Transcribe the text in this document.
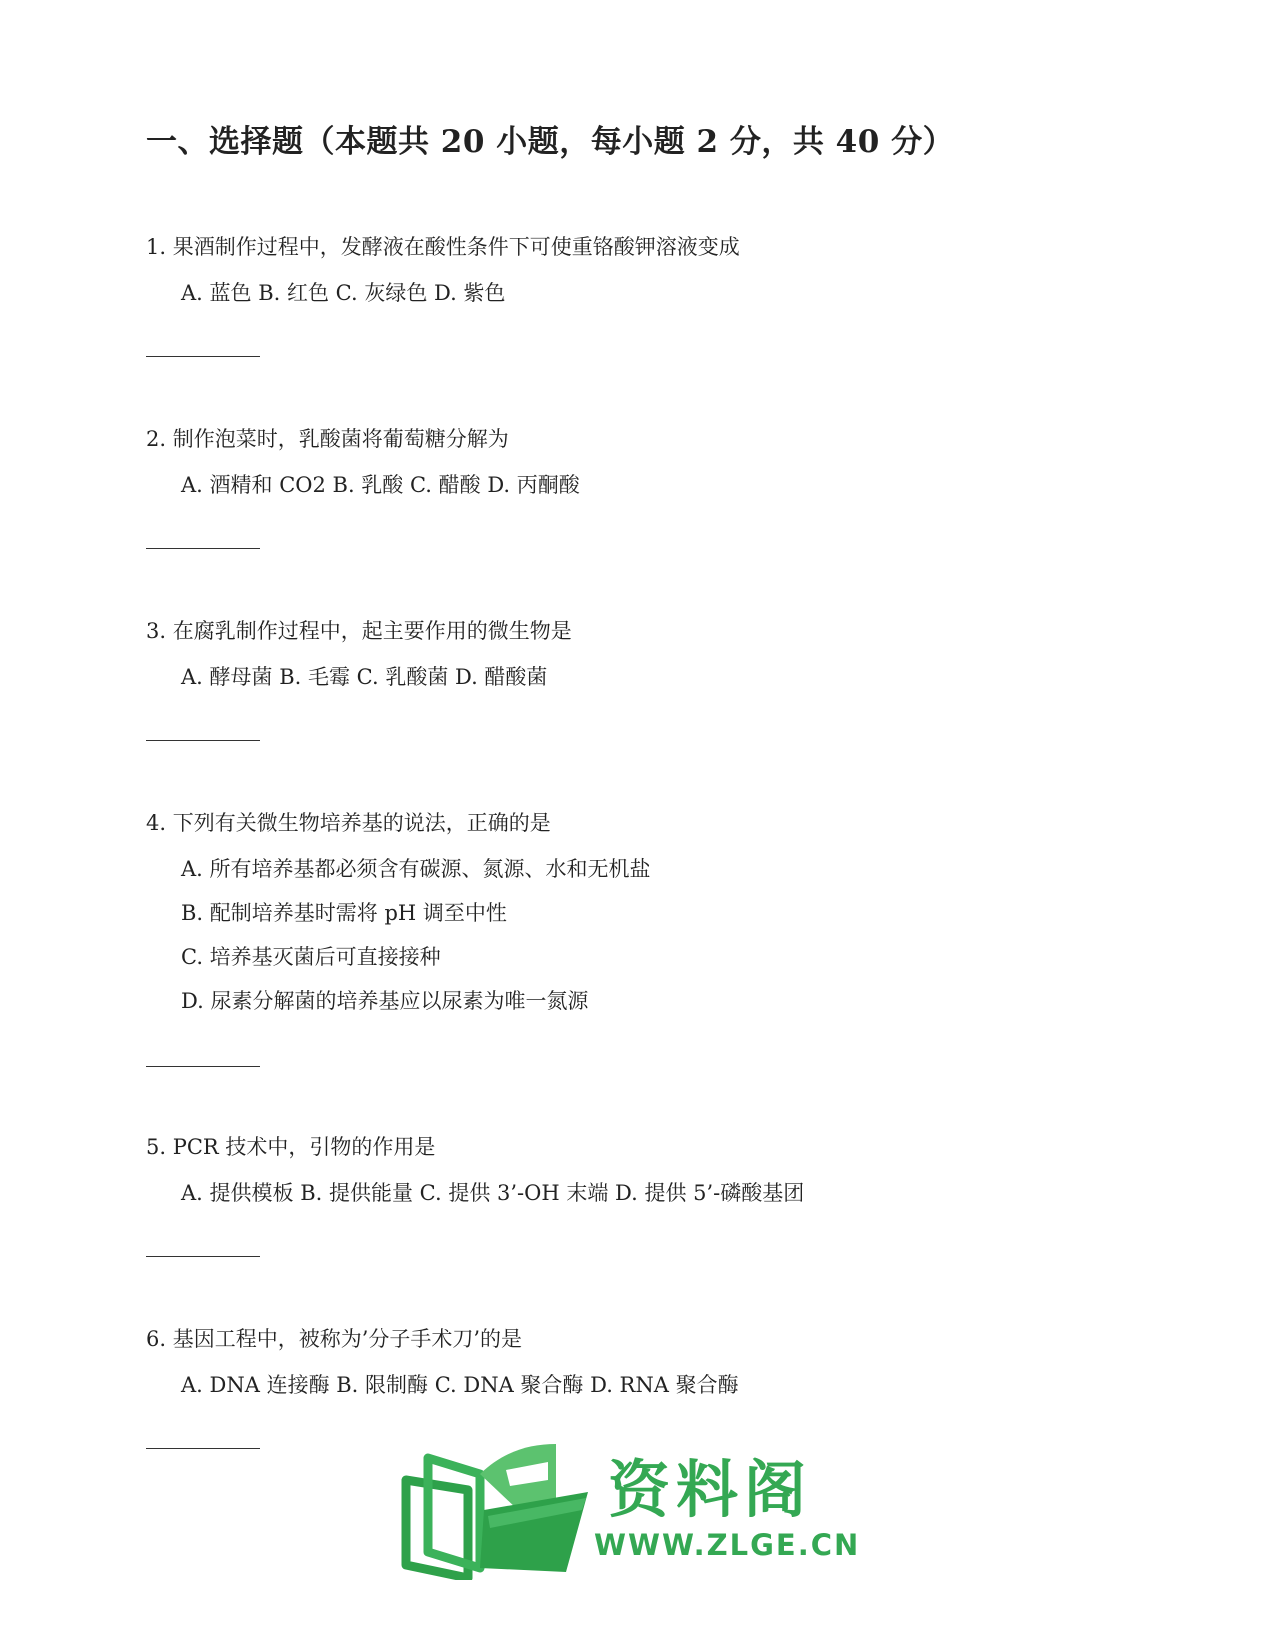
一、选择题（本题共 20 小题，每小题 2 分，共 40 分）
1. 果酒制作过程中，发酵液在酸性条件下可使重铬酸钾溶液变成
A. 蓝色 B. 红色 C. 灰绿色 D. 紫色
2. 制作泡菜时，乳酸菌将葡萄糖分解为
A. 酒精和 CO2 B. 乳酸 C. 醋酸 D. 丙酮酸
3. 在腐乳制作过程中，起主要作用的微生物是
A. 酵母菌 B. 毛霉 C. 乳酸菌 D. 醋酸菌
4. 下列有关微生物培养基的说法，正确的是
A. 所有培养基都必须含有碳源、氮源、水和无机盐
B. 配制培养基时需将 pH 调至中性
C. 培养基灭菌后可直接接种
D. 尿素分解菌的培养基应以尿素为唯一氮源
5. PCR 技术中，引物的作用是
A. 提供模板 B. 提供能量 C. 提供 3’-OH 末端 D. 提供 5’-磷酸基团
6. 基因工程中，被称为’分子手术刀’的是
A. DNA 连接酶 B. 限制酶 C. DNA 聚合酶 D. RNA 聚合酶
资料阁
WWW.ZLGE.CN
